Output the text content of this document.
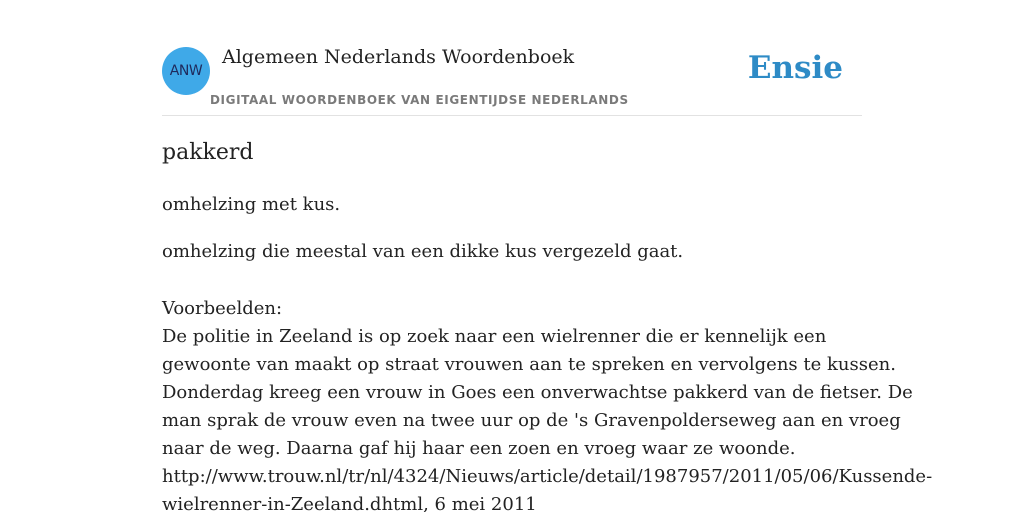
ANW
Algemeen Nederlands Woordenboek
DIGITAAL WOORDENBOEK VAN EIGENTIJDSE NEDERLANDS
Ensie
pakkerd
omhelzing met kus.
omhelzing die meestal van een dikke kus vergezeld gaat.
Voorbeelden:
De politie in Zeeland is op zoek naar een wielrenner die er kennelijk een
gewoonte van maakt op straat vrouwen aan te spreken en vervolgens te kussen.
Donderdag kreeg een vrouw in Goes een onverwachtse pakkerd van de fietser. De
man sprak de vrouw even na twee uur op de 's Gravenpolderseweg aan en vroeg
naar de weg. Daarna gaf hij haar een zoen en vroeg waar ze woonde.
http://www.trouw.nl/tr/nl/4324/Nieuws/article/detail/1987957/2011/05/06/Kussende-
wielrenner-in-Zeeland.dhtml, 6 mei 2011
